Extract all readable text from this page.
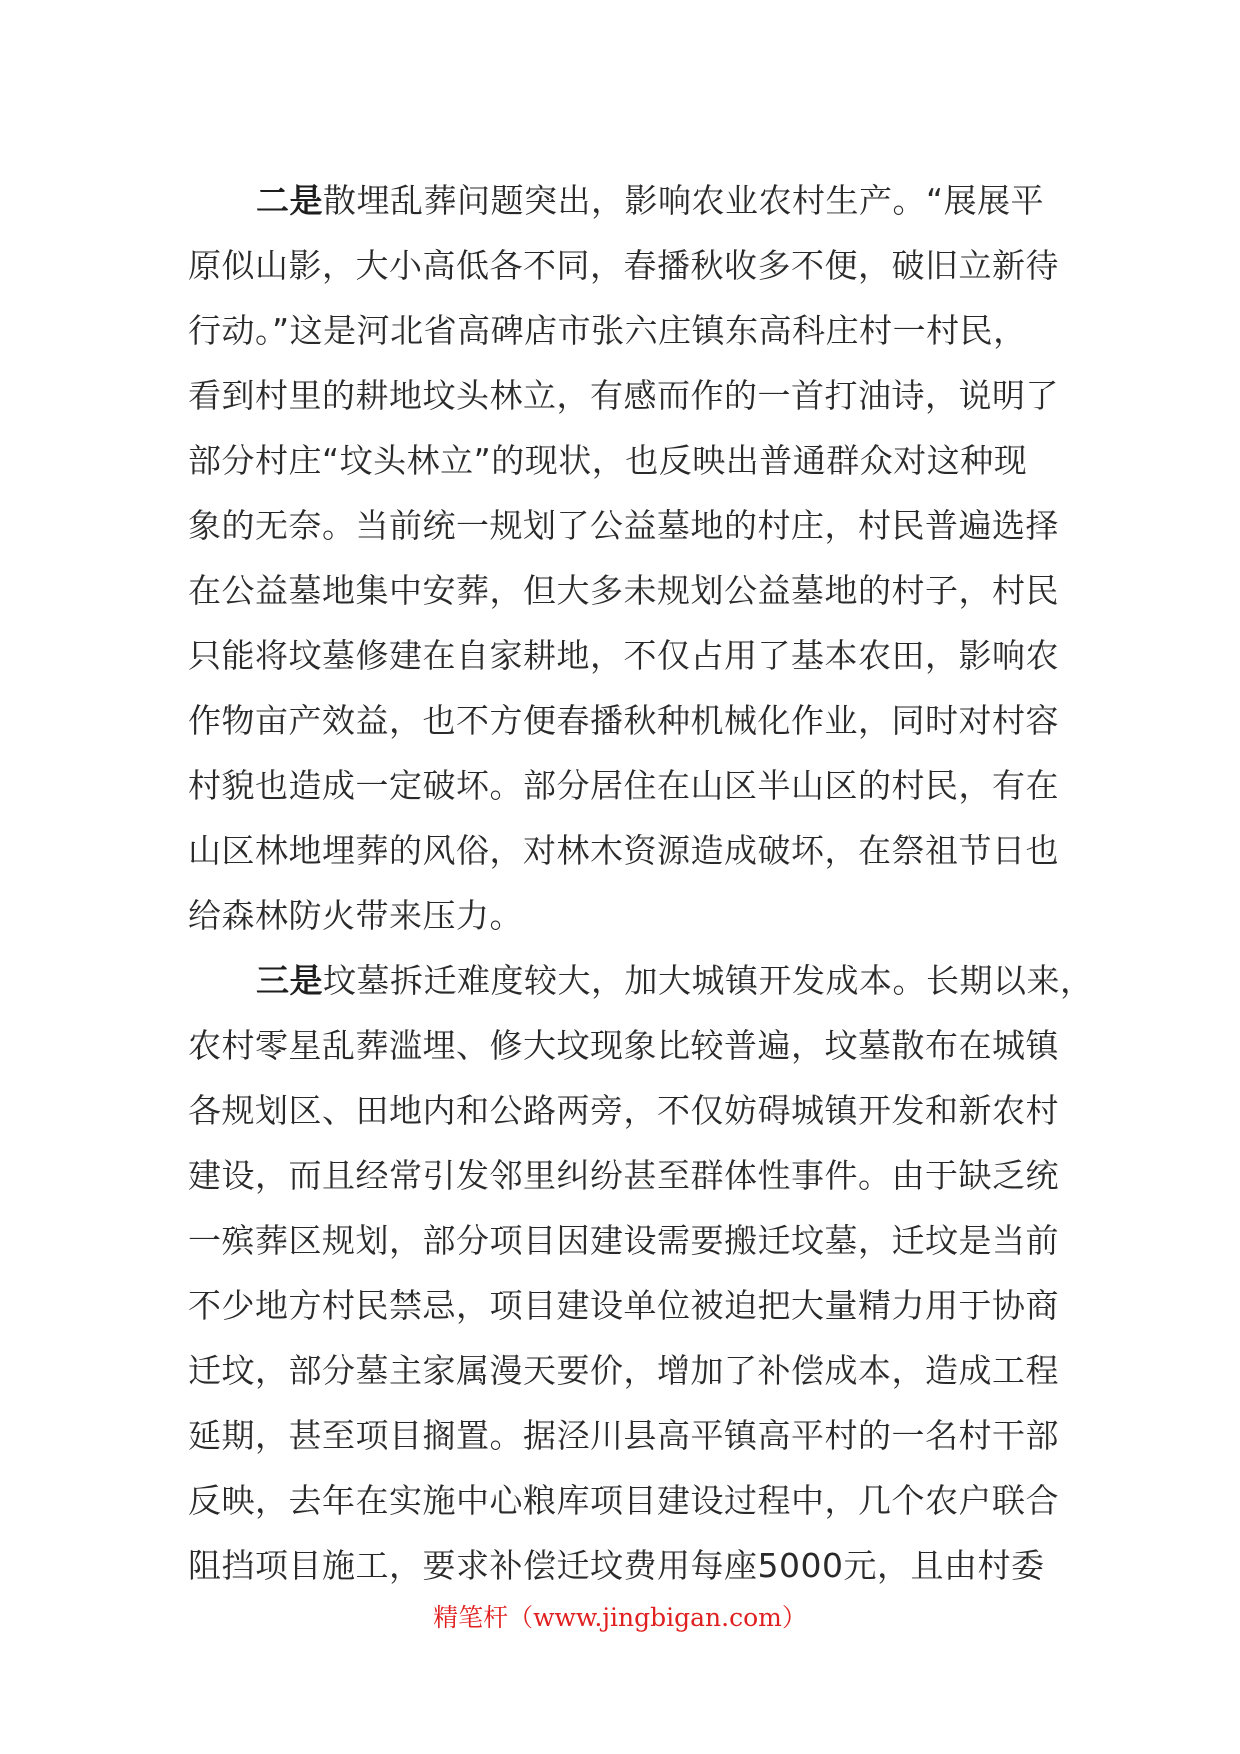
二是散埋乱葬问题突出，影响农业农村生产。“展展平
原似山影，大小高低各不同，春播秋收多不便，破旧立新待
行动。”这是河北省高碑店市张六庄镇东高科庄村一村民，
看到村里的耕地坟头林立，有感而作的一首打油诗，说明了
部分村庄“坟头林立”的现状，也反映出普通群众对这种现
象的无奈。当前统一规划了公益墓地的村庄，村民普遍选择
在公益墓地集中安葬，但大多未规划公益墓地的村子，村民
只能将坟墓修建在自家耕地，不仅占用了基本农田，影响农
作物亩产效益，也不方便春播秋种机械化作业，同时对村容
村貌也造成一定破坏。部分居住在山区半山区的村民，有在
山区林地埋葬的风俗，对林木资源造成破坏，在祭祖节日也
给森林防火带来压力。
三是坟墓拆迁难度较大，加大城镇开发成本。长期以来，
农村零星乱葬滥埋、修大坟现象比较普遍，坟墓散布在城镇
各规划区、田地内和公路两旁，不仅妨碍城镇开发和新农村
建设，而且经常引发邻里纠纷甚至群体性事件。由于缺乏统
一殡葬区规划，部分项目因建设需要搬迁坟墓，迁坟是当前
不少地方村民禁忌，项目建设单位被迫把大量精力用于协商
迁坟，部分墓主家属漫天要价，增加了补偿成本，造成工程
延期，甚至项目搁置。据泾川县高平镇高平村的一名村干部
反映，去年在实施中心粮库项目建设过程中，几个农户联合
阻挡项目施工，要求补偿迁坟费用每座5000元，且由村委
精笔杆（www.jingbigan.com）
